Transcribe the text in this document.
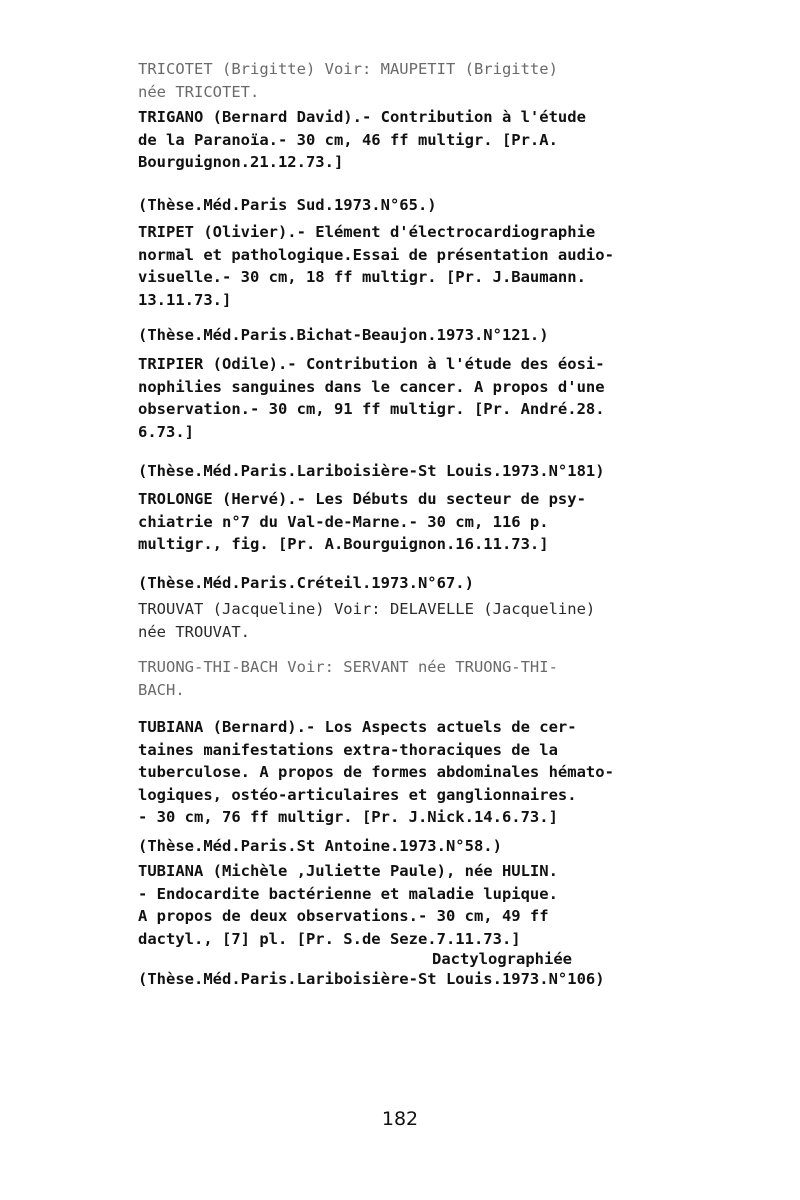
TRICOTET (Brigitte) Voir: MAUPETIT (Brigitte)
née TRICOTET.

TRIGANO (Bernard David).- Contribution à l'étude
de la Paranoïa.- 30 cm, 46 ff multigr. [Pr.A.
Bourguignon.21.12.73.]

(Thèse.Méd.Paris Sud.1973.N°65.)

TRIPET (Olivier).- Elément d'électrocardiographie
normal et pathologique.Essai de présentation audio-
visuelle.- 30 cm, 18 ff multigr. [Pr. J.Baumann.
13.11.73.]

(Thèse.Méd.Paris.Bichat-Beaujon.1973.N°121.)

TRIPIER (Odile).- Contribution à l'étude des éosi-
nophilies sanguines dans le cancer. A propos d'une
observation.- 30 cm, 91 ff multigr. [Pr. André.28.
6.73.]

(Thèse.Méd.Paris.Lariboisière-St Louis.1973.N°181)

TROLONGE (Hervé).- Les Débuts du secteur de psy-
chiatrie n°7 du Val-de-Marne.- 30 cm, 116 p.
multigr., fig. [Pr. A.Bourguignon.16.11.73.]

(Thèse.Méd.Paris.Créteil.1973.N°67.)

TROUVAT (Jacqueline) Voir: DELAVELLE (Jacqueline)
née TROUVAT.

TRUONG-THI-BACH Voir: SERVANT née TRUONG-THI-
BACH.

TUBIANA (Bernard).- Los Aspects actuels de cer-
taines manifestations extra-thoraciques de la
tuberculose. A propos de formes abdominales hémato-
logiques, ostéo-articulaires et ganglionnaires.
- 30 cm, 76 ff multigr. [Pr. J.Nick.14.6.73.]

(Thèse.Méd.Paris.St Antoine.1973.N°58.)

TUBIANA (Michèle ,Juliette Paule), née HULIN.
- Endocardite bactérienne et maladie lupique.
A propos de deux observations.- 30 cm, 49 ff
dactyl., [7] pl. [Pr. S.de Seze.7.11.73.]

(Thèse.Méd.Paris.Lariboisière-St Louis.1973.N°106)

Dactylographiée
182
